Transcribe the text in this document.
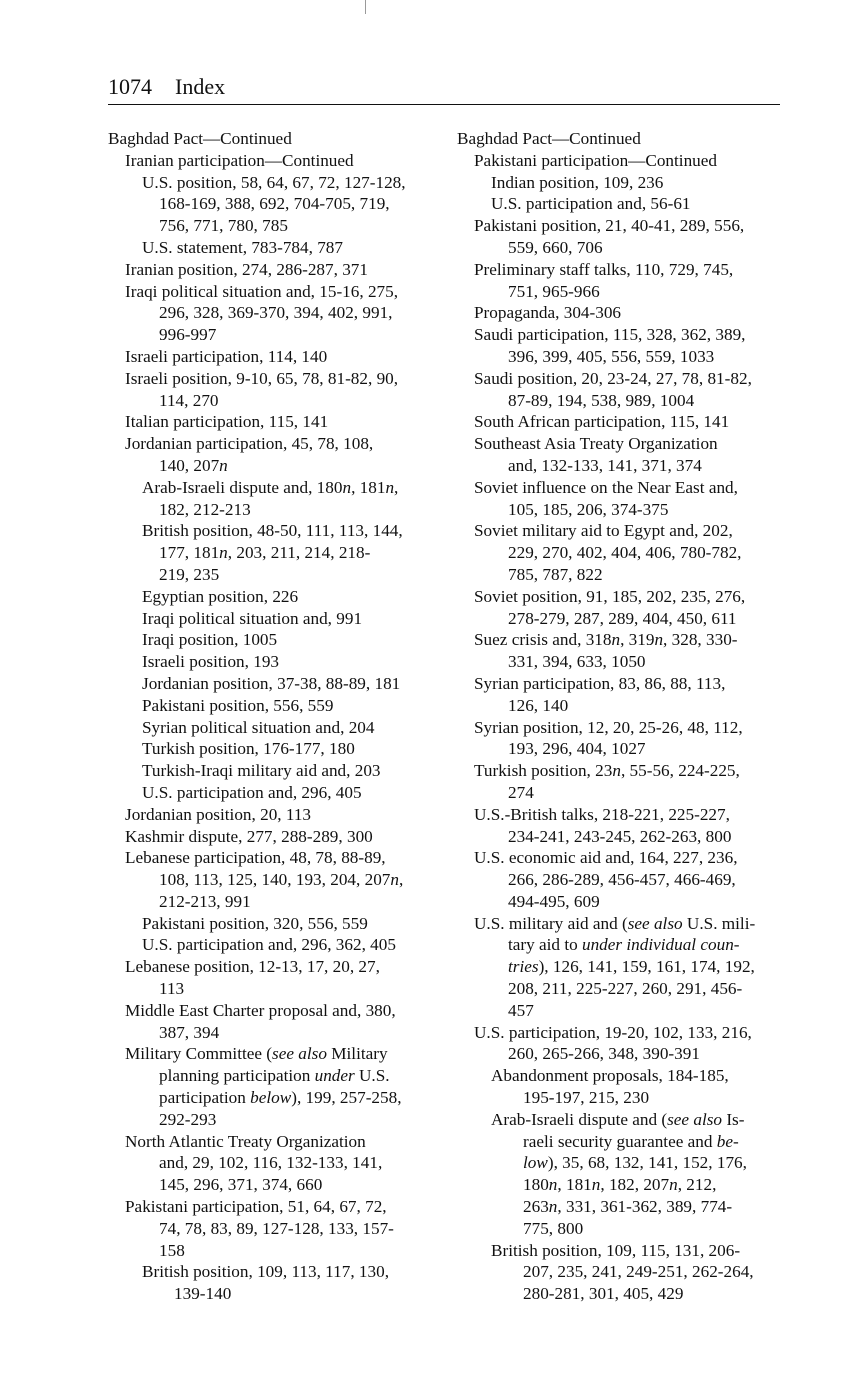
1074 Index
Baghdad Pact—Continued
Iranian participation—Continued
U.S. position, 58, 64, 67, 72, 127-128,
168-169, 388, 692, 704-705, 719,
756, 771, 780, 785
U.S. statement, 783-784, 787
Iranian position, 274, 286-287, 371
Iraqi political situation and, 15-16, 275,
296, 328, 369-370, 394, 402, 991,
996-997
Israeli participation, 114, 140
Israeli position, 9-10, 65, 78, 81-82, 90,
114, 270
Italian participation, 115, 141
Jordanian participation, 45, 78, 108,
140, 207n
Arab-Israeli dispute and, 180n, 181n,
182, 212-213
British position, 48-50, 111, 113, 144,
177, 181n, 203, 211, 214, 218-
219, 235
Egyptian position, 226
Iraqi political situation and, 991
Iraqi position, 1005
Israeli position, 193
Jordanian position, 37-38, 88-89, 181
Pakistani position, 556, 559
Syrian political situation and, 204
Turkish position, 176-177, 180
Turkish-Iraqi military aid and, 203
U.S. participation and, 296, 405
Jordanian position, 20, 113
Kashmir dispute, 277, 288-289, 300
Lebanese participation, 48, 78, 88-89,
108, 113, 125, 140, 193, 204, 207n,
212-213, 991
Pakistani position, 320, 556, 559
U.S. participation and, 296, 362, 405
Lebanese position, 12-13, 17, 20, 27,
113
Middle East Charter proposal and, 380,
387, 394
Military Committee (see also Military
planning participation under U.S.
participation below), 199, 257-258,
292-293
North Atlantic Treaty Organization
and, 29, 102, 116, 132-133, 141,
145, 296, 371, 374, 660
Pakistani participation, 51, 64, 67, 72,
74, 78, 83, 89, 127-128, 133, 157-
158
British position, 109, 113, 117, 130,
139-140
Baghdad Pact—Continued
Pakistani participation—Continued
Indian position, 109, 236
U.S. participation and, 56-61
Pakistani position, 21, 40-41, 289, 556,
559, 660, 706
Preliminary staff talks, 110, 729, 745,
751, 965-966
Propaganda, 304-306
Saudi participation, 115, 328, 362, 389,
396, 399, 405, 556, 559, 1033
Saudi position, 20, 23-24, 27, 78, 81-82,
87-89, 194, 538, 989, 1004
South African participation, 115, 141
Southeast Asia Treaty Organization
and, 132-133, 141, 371, 374
Soviet influence on the Near East and,
105, 185, 206, 374-375
Soviet military aid to Egypt and, 202,
229, 270, 402, 404, 406, 780-782,
785, 787, 822
Soviet position, 91, 185, 202, 235, 276,
278-279, 287, 289, 404, 450, 611
Suez crisis and, 318n, 319n, 328, 330-
331, 394, 633, 1050
Syrian participation, 83, 86, 88, 113,
126, 140
Syrian position, 12, 20, 25-26, 48, 112,
193, 296, 404, 1027
Turkish position, 23n, 55-56, 224-225,
274
U.S.-British talks, 218-221, 225-227,
234-241, 243-245, 262-263, 800
U.S. economic aid and, 164, 227, 236,
266, 286-289, 456-457, 466-469,
494-495, 609
U.S. military aid and (see also U.S. mili-
tary aid to under individual coun-
tries), 126, 141, 159, 161, 174, 192,
208, 211, 225-227, 260, 291, 456-
457
U.S. participation, 19-20, 102, 133, 216,
260, 265-266, 348, 390-391
Abandonment proposals, 184-185,
195-197, 215, 230
Arab-Israeli dispute and (see also Is-
raeli security guarantee and be-
low), 35, 68, 132, 141, 152, 176,
180n, 181n, 182, 207n, 212,
263n, 331, 361-362, 389, 774-
775, 800
British position, 109, 115, 131, 206-
207, 235, 241, 249-251, 262-264,
280-281, 301, 405, 429
